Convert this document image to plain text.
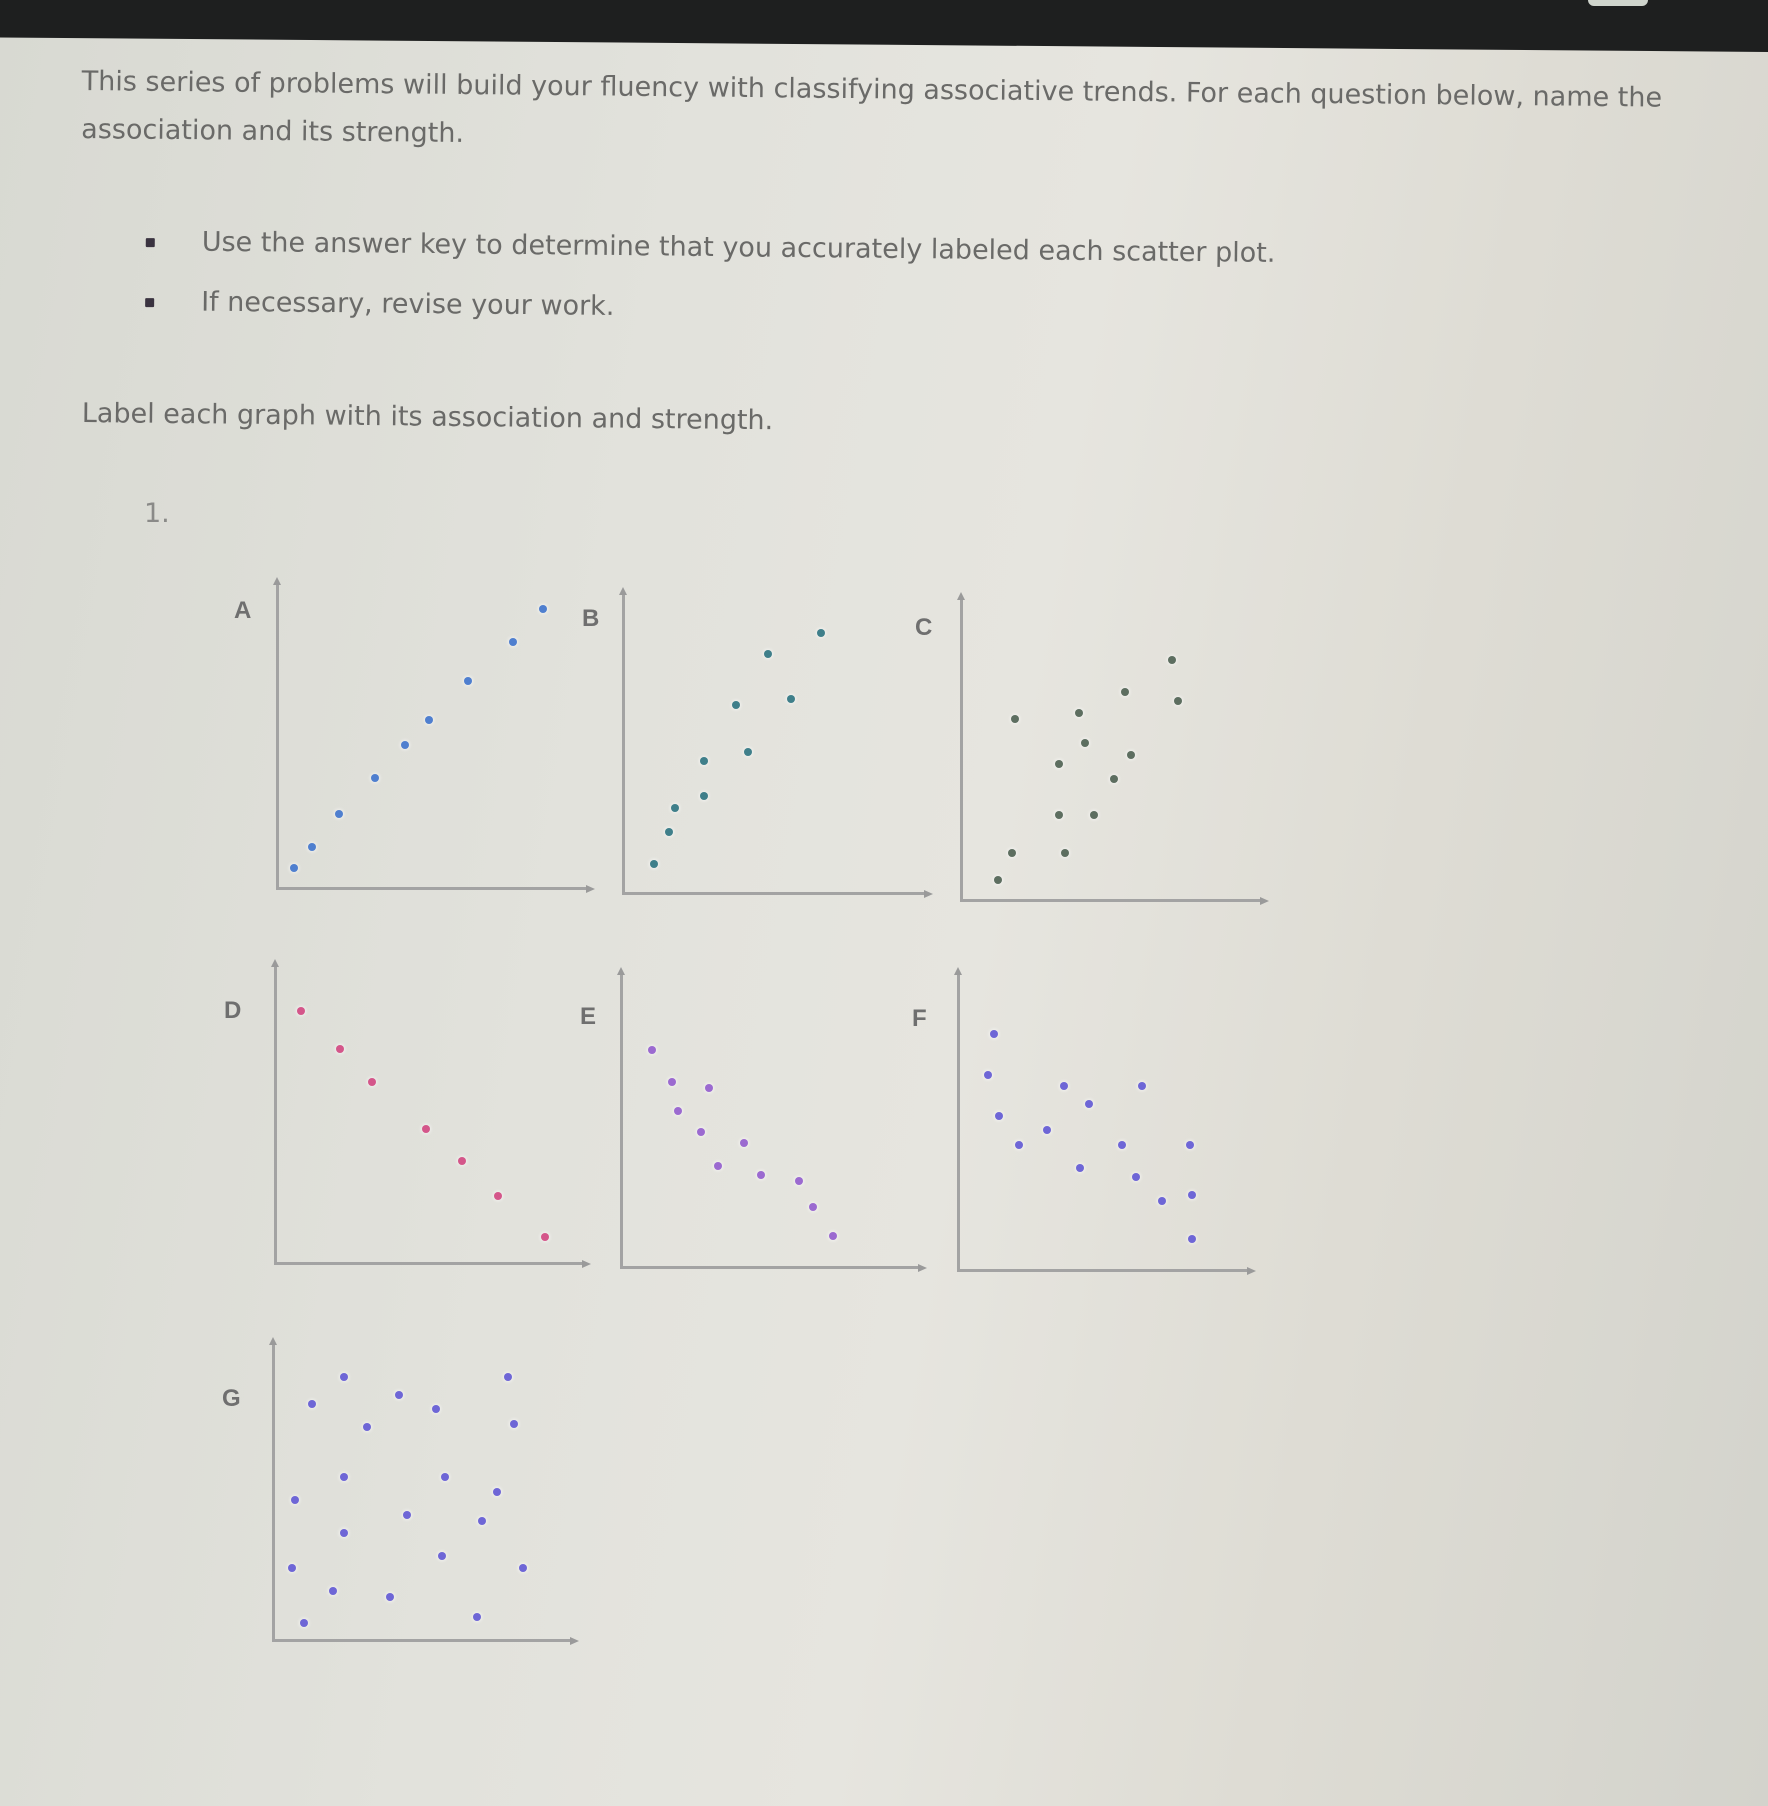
This series of problems will build your fluency with classifying associative trends. For each question below, name the
association and its strength.
Use the answer key to determine that you accurately labeled each scatter plot.
If necessary, revise your work.
Label each graph with its association and strength.
1.
A	B	C
D	E	F
G
